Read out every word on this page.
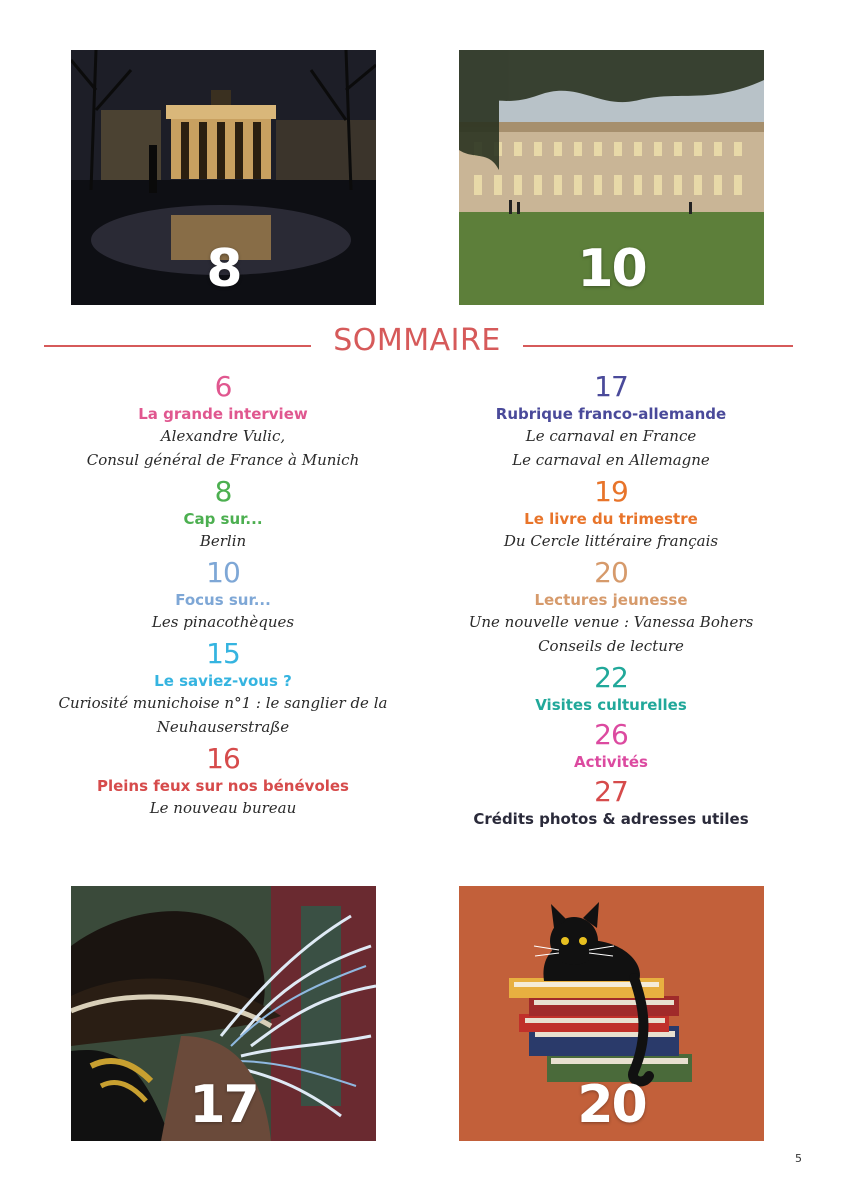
8	10
SOMMAIRE
6
La grande interview
Alexandre Vulic,
Consul général de France à Munich
8
Cap sur...
Berlin
10
Focus sur...
Les pinacothèques
15
Le saviez-vous ?
Curiosité munichoise n°1 : le sanglier de la
Neuhauserstraße
16
Pleins feux sur nos bénévoles
Le nouveau bureau
17
Rubrique franco-allemande
Le carnaval en France
Le carnaval en Allemagne
19
Le livre du trimestre
Du Cercle littéraire français
20
Lectures jeunesse
Une nouvelle venue : Vanessa Bohers
Conseils de lecture
22
Visites culturelles
26
Activités
27
Crédits photos & adresses utiles
17	20
5
